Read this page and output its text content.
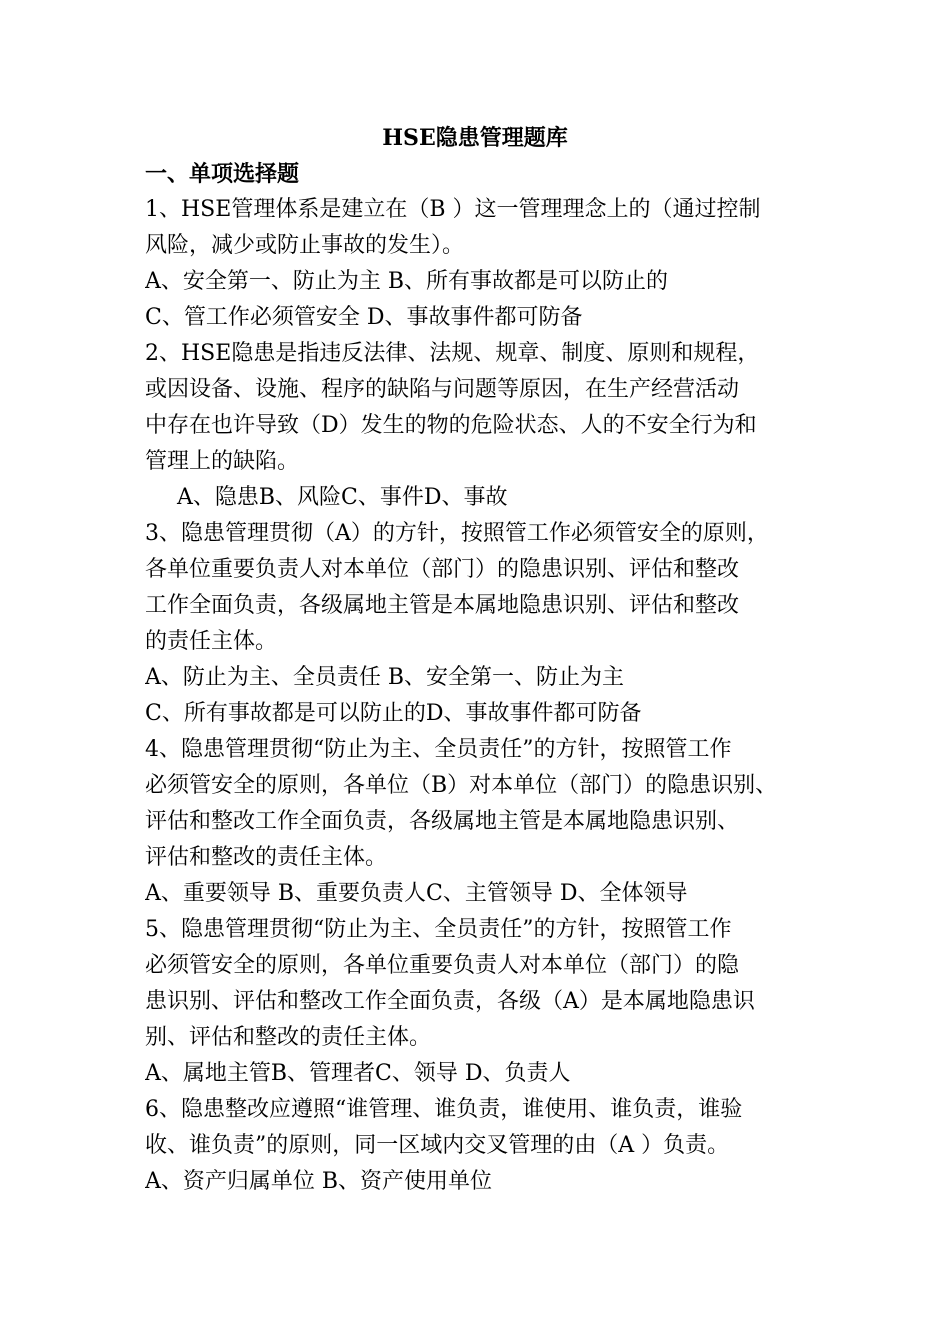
HSE隐患管理题库
一、单项选择题
1、HSE管理体系是建立在（B ）这一管理理念上的（通过控制
风险，减少或防止事故的发生）。
A、安全第一、防止为主 B、所有事故都是可以防止的
C、管工作必须管安全 D、事故事件都可防备
2、HSE隐患是指违反法律、法规、规章、制度、原则和规程，
或因设备、设施、程序的缺陷与问题等原因，在生产经营活动
中存在也许导致（D）发生的物的危险状态、人的不安全行为和
管理上的缺陷。
A、隐患B、风险C、事件D、事故
3、隐患管理贯彻（A）的方针，按照管工作必须管安全的原则，
各单位重要负责人对本单位（部门）的隐患识别、评估和整改
工作全面负责，各级属地主管是本属地隐患识别、评估和整改
的责任主体。
A、防止为主、全员责任 B、安全第一、防止为主
C、所有事故都是可以防止的D、事故事件都可防备
4、隐患管理贯彻“防止为主、全员责任”的方针，按照管工作
必须管安全的原则，各单位（B）对本单位（部门）的隐患识别、
评估和整改工作全面负责，各级属地主管是本属地隐患识别、
评估和整改的责任主体。
A、重要领导 B、重要负责人C、主管领导 D、全体领导
5、隐患管理贯彻“防止为主、全员责任”的方针，按照管工作
必须管安全的原则，各单位重要负责人对本单位（部门）的隐
患识别、评估和整改工作全面负责，各级（A）是本属地隐患识
别、评估和整改的责任主体。
A、属地主管B、管理者C、领导 D、负责人
6、隐患整改应遵照“谁管理、谁负责，谁使用、谁负责，谁验
收、谁负责”的原则，同一区域内交叉管理的由（A ）负责。
A、资产归属单位 B、资产使用单位
